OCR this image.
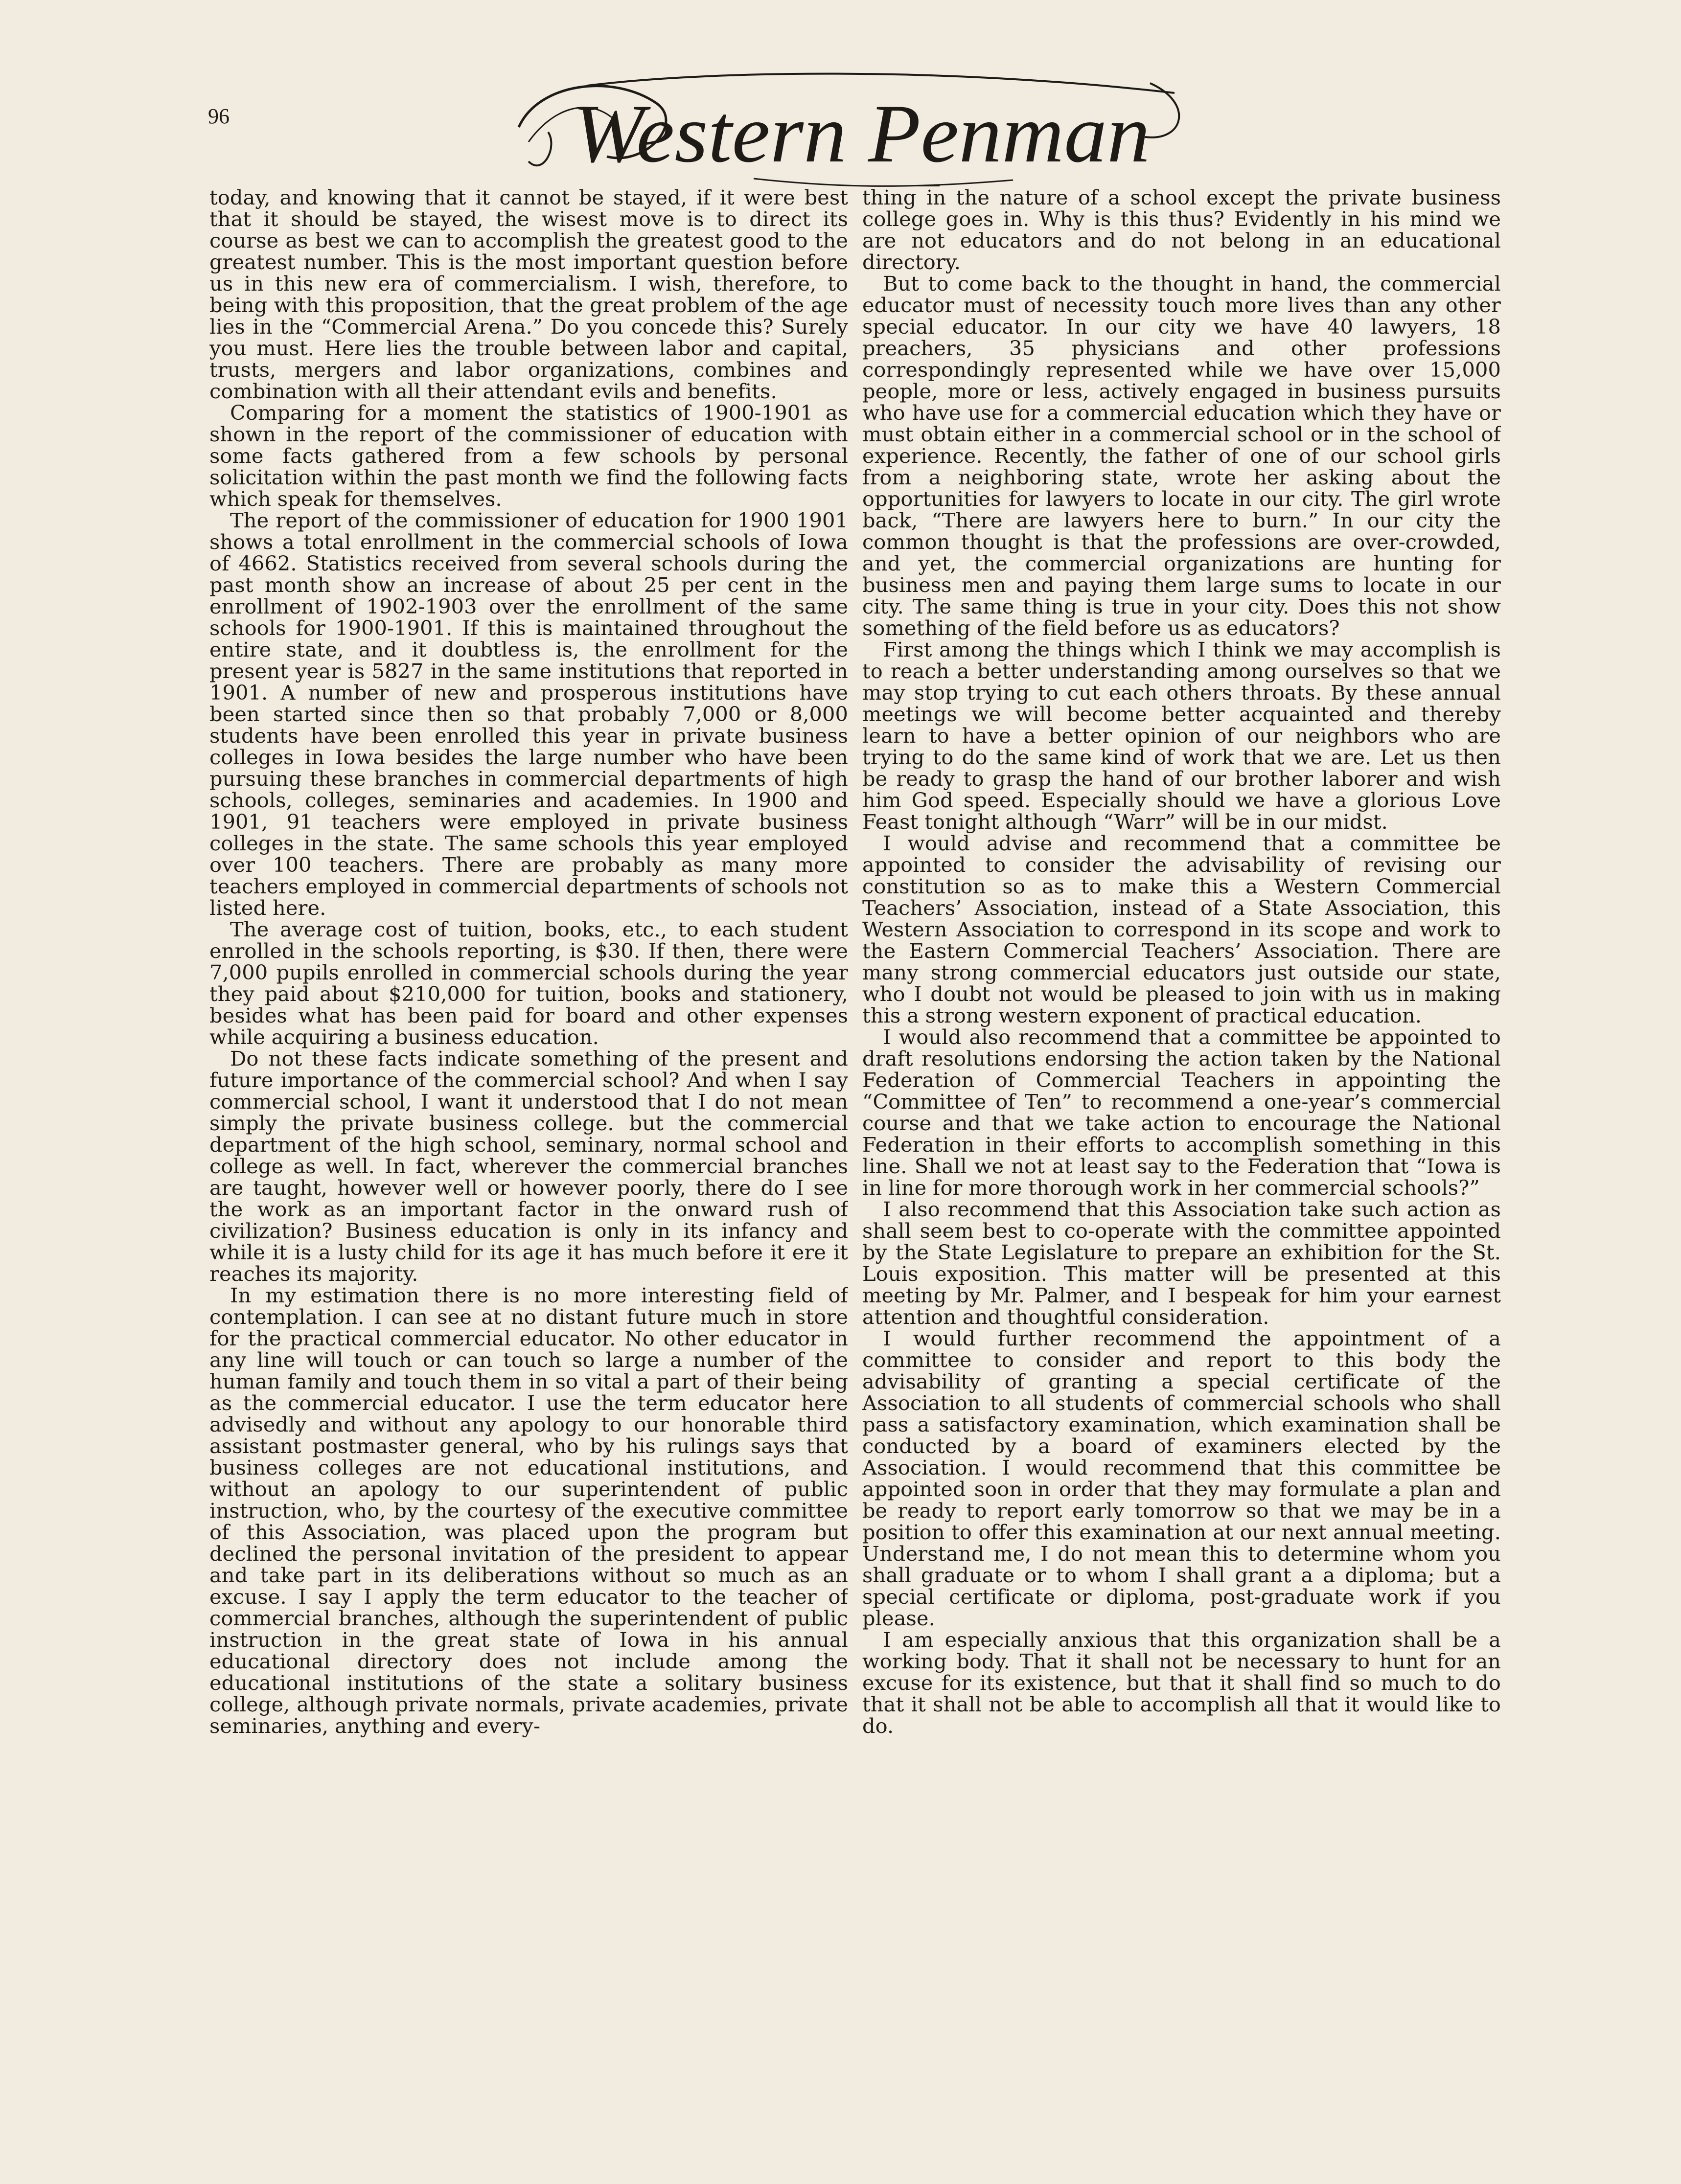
96	Western Penman

today, and knowing that it cannot be stayed, if it were best that it should be stayed, the wisest move is to direct its course as best we can to accomplish the greatest good to the greatest number. This is the most important question before us in this new era of commercialism. I wish, therefore, to being with this proposition, that the great problem of the age lies in the “Commercial Arena.” Do you concede this? Surely you must. Here lies the trouble between labor and capital, trusts, mergers and labor organizations, combines and combination with all their attendant evils and benefits.

Comparing for a moment the statistics of 1900-1901 as shown in the report of the commissioner of education with some facts gathered from a few schools by personal solicitation within the past month we find the following facts which speak for themselves.

The report of the commissioner of education for 1900 1901 shows a total enrollment in the commercial schools of Iowa of 4662. Statistics received from several schools during the past month show an increase of about 25 per cent in the enrollment of 1902-1903 over the enrollment of the same schools for 1900-1901. If this is maintained throughout the entire state, and it doubtless is, the enrollment for the present year is 5827 in the same institutions that reported in 1901. A number of new and prosperous institutions have been started since then so that probably 7,000 or 8,000 students have been enrolled this year in private business colleges in Iowa besides the large number who have been pursuing these branches in commercial departments of high schools, colleges, seminaries and academies. In 1900 and 1901, 91 teachers were employed in private business colleges in the state. The same schools this year employed over 100 teachers. There are probably as many more teachers employed in commercial departments of schools not listed here.

The average cost of tuition, books, etc., to each student enrolled in the schools reporting, is $30. If then, there were 7,000 pupils enrolled in commercial schools during the year they paid about $210,000 for tuition, books and stationery, besides what has been paid for board and other expenses while acquiring a business education.

Do not these facts indicate something of the present and future importance of the commercial school? And when I say commercial school, I want it understood that I do not mean simply the private business college. but the commercial department of the high school, seminary, normal school and college as well. In fact, wherever the commercial branches are taught, however well or however poorly, there do I see the work as an important factor in the onward rush of civilization? Business education is only in its infancy and while it is a lusty child for its age it has much before it ere it reaches its majority.

In my estimation there is no more interesting field of contemplation. I can see at no distant future much in store for the practical commercial educator. No other educator in any line will touch or can touch so large a number of the human family and touch them in so vital a part of their being as the commercial educator. I use the term educator here advisedly and without any apology to our honorable third assistant postmaster general, who by his rulings says that business colleges are not educational institutions, and without an apology to our superintendent of public instruction, who, by the courtesy of the executive committee of this Association, was placed upon the program but declined the personal invitation of the president to appear and take part in its deliberations without so much as an excuse. I say I apply the term educator to the teacher of commercial branches, although the superintendent of public instruction in the great state of Iowa in his annual educational directory does not include among the educational institutions of the state a solitary business college, although private normals, private academies, private seminaries, anything and every-

thing in the nature of a school except the private business college goes in. Why is this thus? Evidently in his mind we are not educators and do not belong in an educational directory.

But to come back to the thought in hand, the commercial educator must of necessity touch more lives than any other special educator. In our city we have 40 lawyers, 18 preachers, 35 physicians and other professions correspondingly represented while we have over 15,000 people, more or less, actively engaged in business pursuits who have use for a commercial education which they have or must obtain either in a commercial school or in the school of experience. Recently, the father of one of our school girls from a neighboring state, wrote her asking about the opportunities for lawyers to locate in our city. The girl wrote back, “There are lawyers here to burn.” In our city the common thought is that the professions are over-crowded, and yet, the commercial organizations are hunting for business men and paying them large sums to locate in our city. The same thing is true in your city. Does this not show something of the field before us as educators?

First among the things which I think we may accomplish is to reach a better understanding among ourselves so that we may stop trying to cut each others throats. By these annual meetings we will become better acquainted and thereby learn to have a better opinion of our neighbors who are trying to do the same kind of work that we are. Let us then be ready to grasp the hand of our brother laborer and wish him God speed. Especially should we have a glorious Love Feast tonight although “Warr” will be in our midst.

I would advise and recommend that a committee be appointed to consider the advisability of revising our constitution so as to make this a Western Commercial Teachers’ Association, instead of a State Association, this Western Association to correspond in its scope and work to the Eastern Commercial Teachers’ Association. There are many strong commercial educators just outside our state, who I doubt not would be pleased to join with us in making this a strong western exponent of practical education.

I would also recommend that a committee be appointed to draft resolutions endorsing the action taken by the National Federation of Commercial Teachers in appointing the “Committee of Ten” to recommend a one-year’s commercial course and that we take action to encourage the National Federation in their efforts to accomplish something in this line. Shall we not at least say to the Federation that “Iowa is in line for more thorough work in her commercial schools?”

I also recommend that this Association take such action as shall seem best to co-operate with the committee appointed by the State Legislature to prepare an exhibition for the St. Louis exposition. This matter will be presented at this meeting by Mr. Palmer, and I bespeak for him your earnest attention and thoughtful consideration.

I would further recommend the appointment of a committee to consider and report to this body the advisability of granting a special certificate of the Association to all students of commercial schools who shall pass a satisfactory examination, which examination shall be conducted by a board of examiners elected by the Association. I would recommend that this committee be appointed soon in order that they may formulate a plan and be ready to report early tomorrow so that we may be in a position to offer this examination at our next annual meeting. Understand me, I do not mean this to determine whom you shall graduate or to whom I shall grant a a diploma; but a special certificate or diploma, post-graduate work if you please.

I am especially anxious that this organization shall be a working body. That it shall not be necessary to hunt for an excuse for its existence, but that it shall find so much to do that it shall not be able to accomplish all that it would like to do.
